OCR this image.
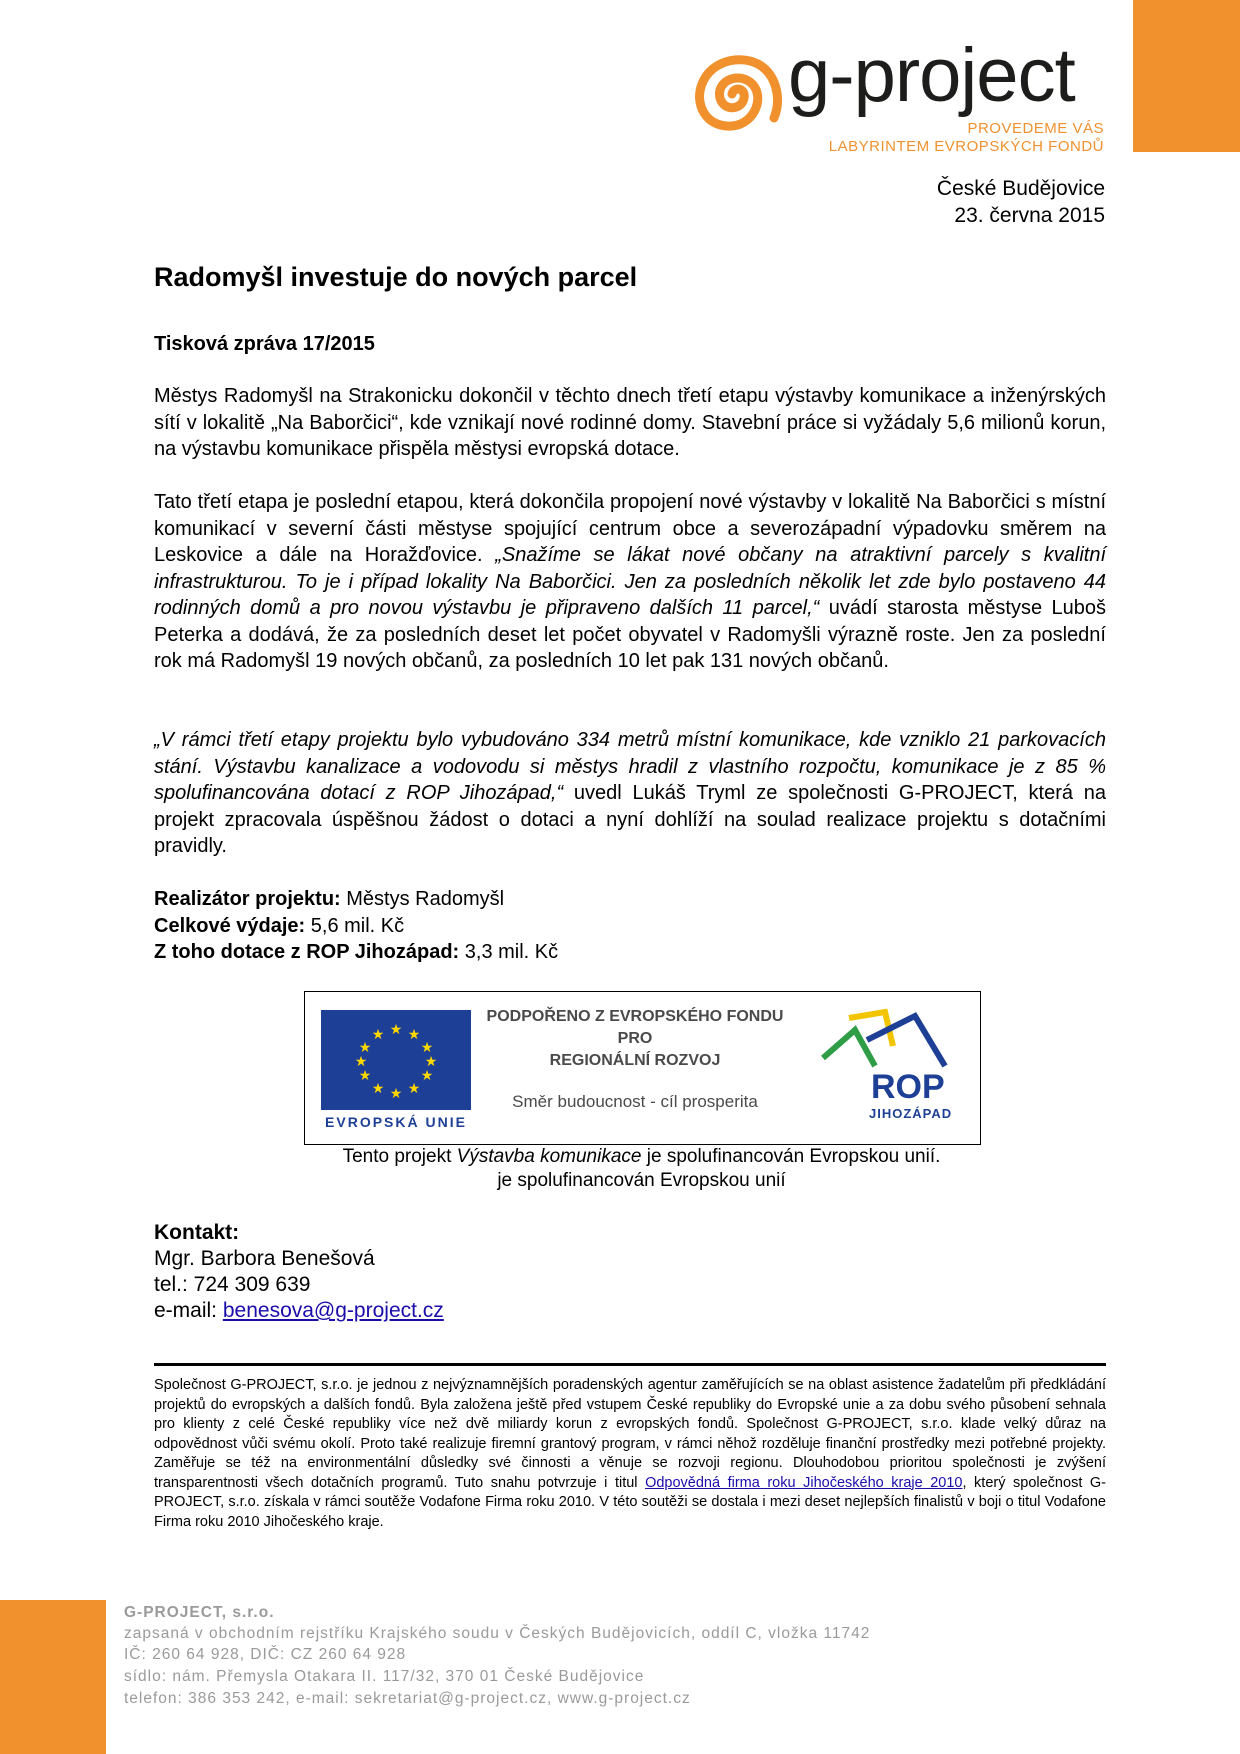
g-project
PROVEDEME VÁS
LABYRINTEM EVROPSKÝCH FONDŮ
České Budějovice
23. června 2015
Radomyšl investuje do nových parcel
Tisková zpráva 17/2015
Městys Radomyšl na Strakonicku dokončil v těchto dnech třetí etapu výstavby komunikace a inženýrských sítí v lokalitě „Na Baborčici“, kde vznikají nové rodinné domy. Stavební práce si vyžádaly 5,6 milionů korun, na výstavbu komunikace přispěla městysi evropská dotace.
Tato třetí etapa je poslední etapou, která dokončila propojení nové výstavby v lokalitě Na Baborčici s místní komunikací v severní části městyse spojující centrum obce a severozápadní výpadovku směrem na Leskovice a dále na Horažďovice. „Snažíme se lákat nové občany na atraktivní parcely s kvalitní infrastrukturou. To je i případ lokality Na Baborčici. Jen za posledních několik let zde bylo postaveno 44 rodinných domů a pro novou výstavbu je připraveno dalších 11 parcel,“ uvádí starosta městyse Luboš Peterka a dodává, že za posledních deset let počet obyvatel v Radomyšli výrazně roste. Jen za poslední rok má Radomyšl 19 nových občanů, za posledních 10 let pak 131 nových občanů.
„V rámci třetí etapy projektu bylo vybudováno 334 metrů místní komunikace, kde vzniklo 21 parkovacích stání. Výstavbu kanalizace a vodovodu si městys hradil z vlastního rozpočtu, komunikace je z 85 % spolufinancována dotací z ROP Jihozápad,“ uvedl Lukáš Tryml ze společnosti G-PROJECT, která na projekt zpracovala úspěšnou žádost o dotaci a nyní dohlíží na soulad realizace projektu s dotačními pravidly.
Realizátor projektu: Městys Radomyšl
Celkové výdaje: 5,6 mil. Kč
Z toho dotace z ROP Jihozápad: 3,3 mil. Kč
★ ★
★
★
★
★
★
★
★
★
★
★
EVROPSKÁ UNIE
PODPOŘENO Z EVROPSKÉHO FONDU
PRO
REGIONÁLNÍ ROZVOJ
Směr budoucnost - cíl prosperita	ROP
JIHOZÁPAD
Tento projekt Výstavba komunikace je spolufinancován Evropskou unií.
je spolufinancován Evropskou unií
Kontakt:
Mgr. Barbora Benešová
tel.: 724 309 639
e-mail: benesova@g-project.cz
Společnost G-PROJECT, s.r.o. je jednou z nejvýznamnějších poradenských agentur zaměřujících se na oblast asistence žadatelům při předkládání projektů do evropských a dalších fondů. Byla založena ještě před vstupem České republiky do Evropské unie a za dobu svého působení sehnala pro klienty z celé České republiky více než dvě miliardy korun z evropských fondů. Společnost G-PROJECT, s.r.o. klade velký důraz na odpovědnost vůči svému okolí. Proto také realizuje firemní grantový program, v rámci něhož rozděluje finanční prostředky mezi potřebné projekty. Zaměřuje se též na environmentální důsledky své činnosti a věnuje se rozvoji regionu. Dlouhodobou prioritou společnosti je zvýšení transparentnosti všech dotačních programů. Tuto snahu potvrzuje i titul Odpovědná firma roku Jihočeského kraje 2010, který společnost G-PROJECT, s.r.o. získala v rámci soutěže Vodafone Firma roku 2010. V této soutěži se dostala i mezi deset nejlepších finalistů v boji o titul Vodafone Firma roku 2010 Jihočeského kraje.
G-PROJECT, s.r.o.
zapsaná v obchodním rejstříku Krajského soudu v Českých Budějovicích, oddíl C, vložka 11742
IČ: 260 64 928, DIČ: CZ 260 64 928
sídlo: nám. Přemysla Otakara II. 117/32, 370 01 České Budějovice
telefon: 386 353 242, e-mail: sekretariat@g-project.cz, www.g-project.cz
